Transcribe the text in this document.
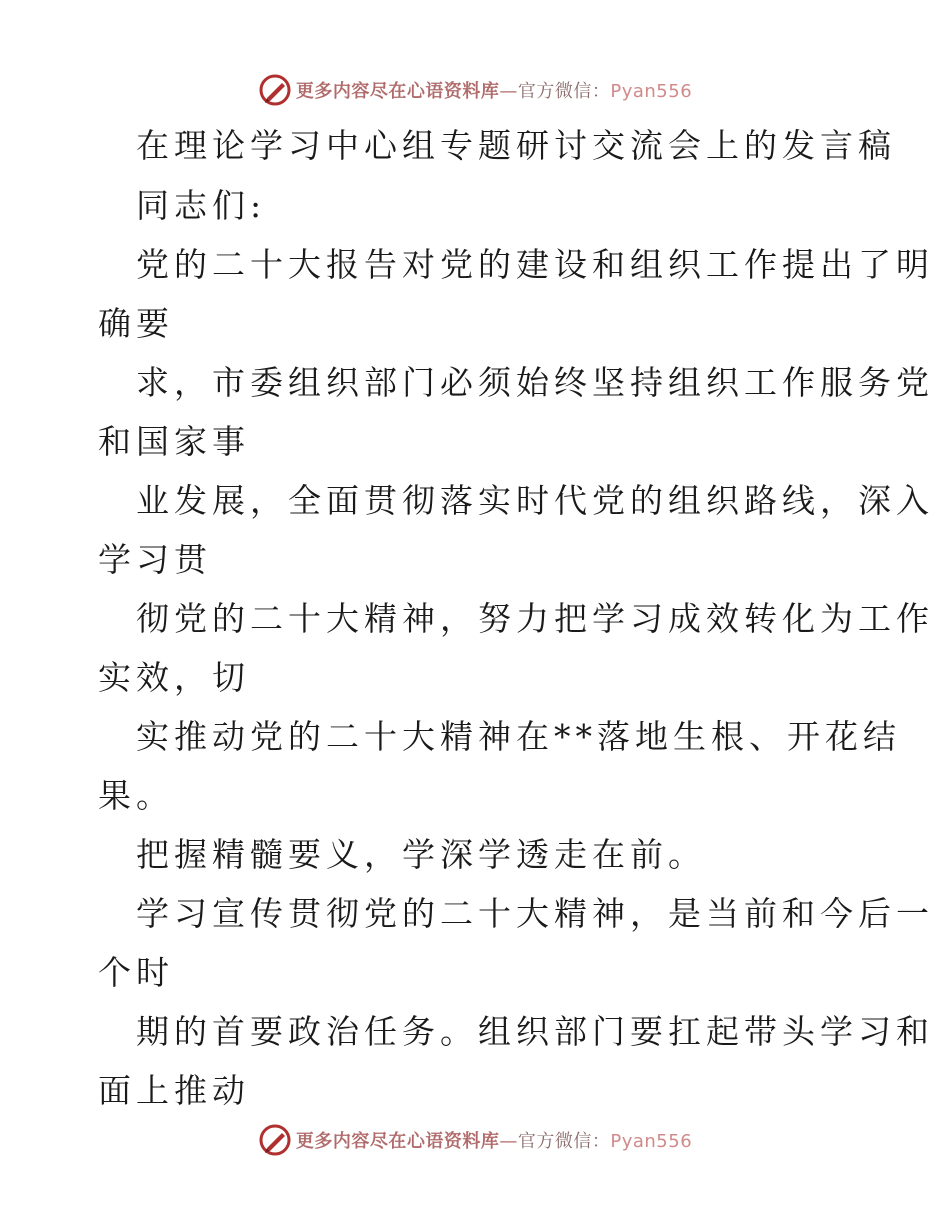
更多内容尽在心语资料库—官方微信：Pyan556
在理论学习中心组专题研讨交流会上的发言稿
同志们:
党的二十大报告对党的建设和组织工作提出了明
确要
求，市委组织部门必须始终坚持组织工作服务党
和国家事
业发展，全面贯彻落实时代党的组织路线，深入
学习贯
彻党的二十大精神，努力把学习成效转化为工作
实效，切
实推动党的二十大精神在**落地生根、开花结
果。
把握精髓要义，学深学透走在前。
学习宣传贯彻党的二十大精神，是当前和今后一
个时
期的首要政治任务。组织部门要扛起带头学习和
面上推动
更多内容尽在心语资料库—官方微信：Pyan556
